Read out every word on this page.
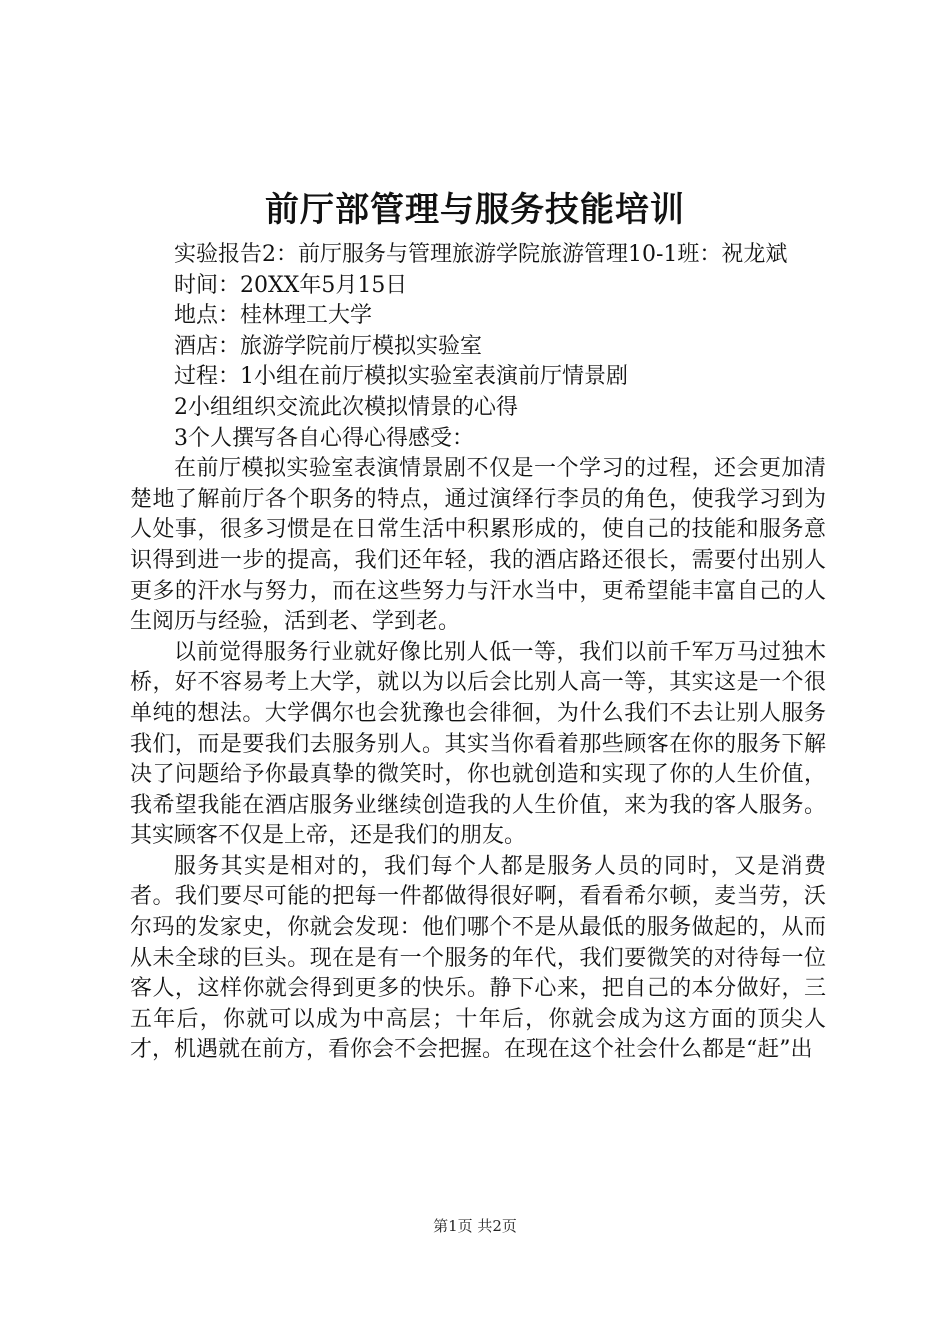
前厅部管理与服务技能培训

实验报告2：前厅服务与管理旅游学院旅游管理10-1班：祝龙斌

时间：20XX年5月15日

地点：桂林理工大学

酒店：旅游学院前厅模拟实验室

过程：1小组在前厅模拟实验室表演前厅情景剧

2小组组织交流此次模拟情景的心得

3个人撰写各自心得心得感受：

在前厅模拟实验室表演情景剧不仅是一个学习的过程，还会更加清楚地了解前厅各个职务的特点，通过演绎行李员的角色，使我学习到为人处事，很多习惯是在日常生活中积累形成的，使自己的技能和服务意识得到进一步的提高，我们还年轻，我的酒店路还很长，需要付出别人更多的汗水与努力，而在这些努力与汗水当中，更希望能丰富自己的人生阅历与经验，活到老、学到老。

以前觉得服务行业就好像比别人低一等，我们以前千军万马过独木桥，好不容易考上大学，就以为以后会比别人高一等，其实这是一个很单纯的想法。大学偶尔也会犹豫也会徘徊，为什么我们不去让别人服务我们，而是要我们去服务别人。其实当你看着那些顾客在你的服务下解决了问题给予你最真挚的微笑时，你也就创造和实现了你的人生价值，我希望我能在酒店服务业继续创造我的人生价值，来为我的客人服务。其实顾客不仅是上帝，还是我们的朋友。

服务其实是相对的，我们每个人都是服务人员的同时，又是消费者。我们要尽可能的把每一件都做得很好啊，看看希尔顿，麦当劳，沃尔玛的发家史，你就会发现：他们哪个不是从最低的服务做起的，从而从未全球的巨头。现在是有一个服务的年代，我们要微笑的对待每一位客人，这样你就会得到更多的快乐。静下心来，把自己的本分做好，三五年后，你就可以成为中高层；十年后，你就会成为这方面的顶尖人才，机遇就在前方，看你会不会把握。在现在这个社会什么都是“赶”出

第1页 共2页
